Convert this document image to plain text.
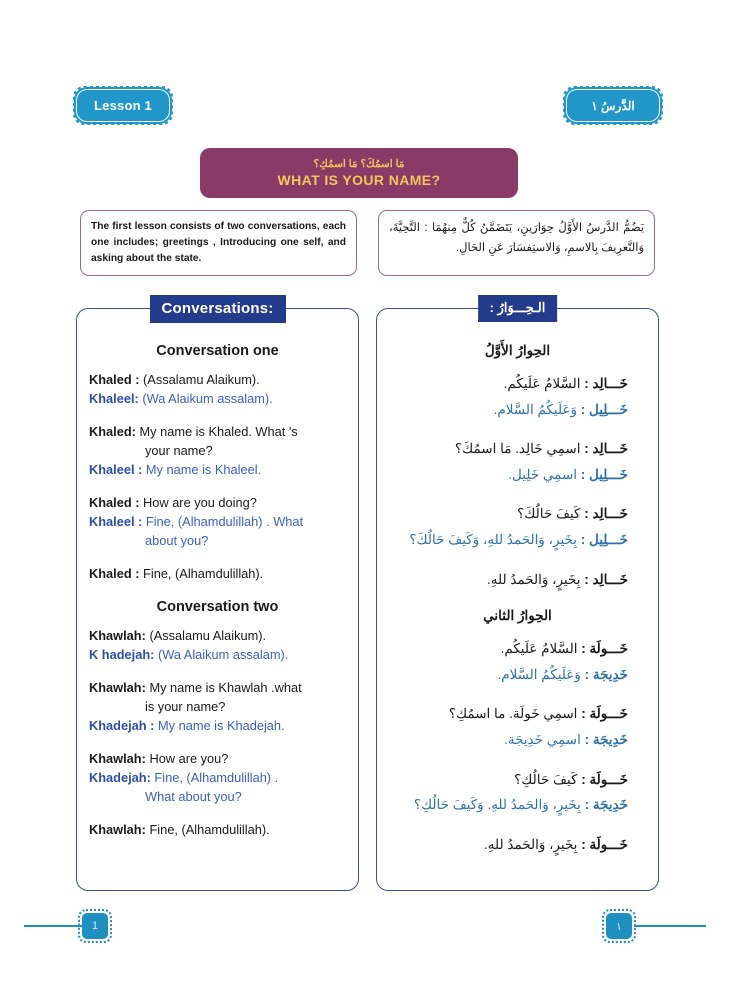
Lesson 1	الدَّرسُ ١
مَا اسمُكَ؟ مَا اسمُكِ؟
WHAT IS YOUR NAME?

The first lesson consists of two conversations, each one includes; greetings , Introducing one self, and asking about the state.

يَضُمُّ الدَّرسُ الأَوَّلُ حِوَارَينِ، يَتَضَمَّنُ كُلٌّ مِنهُمَا : التَّحِيَّةَ، وَالتَّعرِيفَ بِالاسمِ، وَالاستِفسَارَ عَنِ الحَالِ.

Conversations:
Conversation one
Khaled : (Assalamu Alaikum).
Khaleel: (Wa Alaikum assalam).
Khaled: My name is Khaled. What 's
your name?
Khaleel : My name is Khaleel.
Khaled : How are you doing?
Khaleel : Fine, (Alhamdulillah) . What
about you?
Khaled : Fine, (Alhamdulillah).
Conversation two
Khawlah: (Assalamu Alaikum).
K hadejah: (Wa Alaikum assalam).
Khawlah: My name is Khawlah .what
is your name?
Khadejah : My name is Khadejah.
Khawlah: How are you?
Khadejah: Fine, (Alhamdulillah) .
What about you?
Khawlah: Fine, (Alhamdulillah).
الـحِـــوَارُ :
الحِوارُ الأَوَّلُ
خَـــالِد : السَّلامُ عَلَيكُم.
خَـــلِيل : وَعَلَيكُمُ السَّلام.
خَـــالِد : اسمِي خَالِد. مَا اسمُكَ؟
خَـــلِيل : اسمِي خَلِيل.
خَـــالِد : كَيفَ حَالُكَ؟
خَـــلِيل : بِخَيرٍ، وَالحَمدُ للهِ، وَكَيفَ حَالُكَ؟
خَـــالِد : بِخَيرٍ، وَالحَمدُ للهِ.
الحِوارُ الثاني
خَـــولَة : السَّلامُ عَلَيكُم.
خَدِيجَة : وَعَلَيكُمُ السَّلام.
خَـــولَة : اسمِي خَولَة. ما اسمُكِ؟
خَدِيجَة : اسمِي خَدِيجَة.
خَـــولَة : كَيفَ حَالُكِ؟
خَدِيجَة : بِخَيرٍ، وَالحَمدُ للهِ. وَكَيفَ حَالُكِ؟
خَـــولَة : بِخَيرٍ، وَالحَمدُ للهِ.
1	١
